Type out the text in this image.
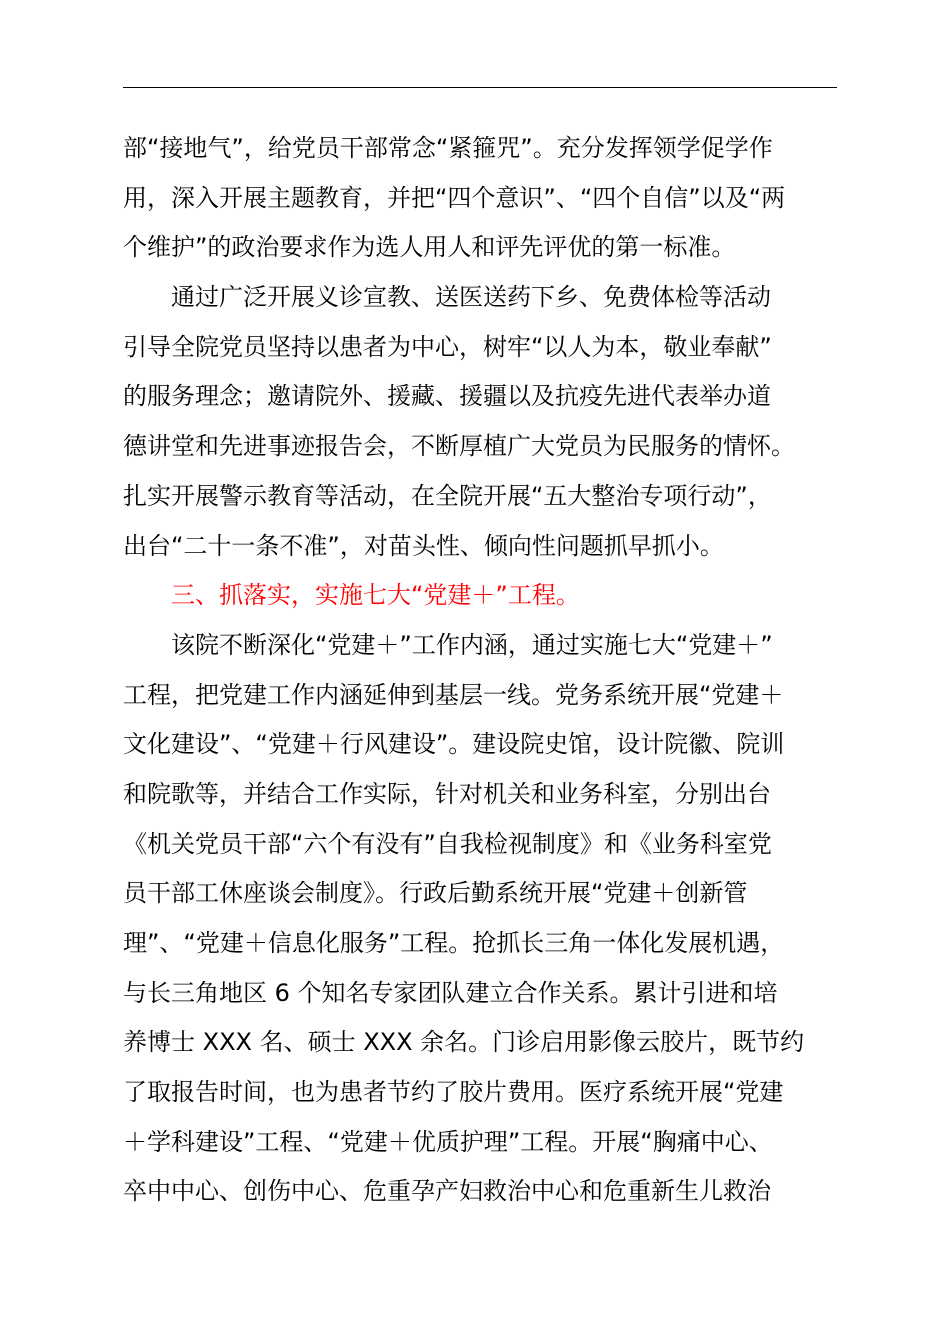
部“接地气”，给党员干部常念“紧箍咒”。充分发挥领学促学作
用，深入开展主题教育，并把“四个意识”、“四个自信”以及“两
个维护”的政治要求作为选人用人和评先评优的第一标准。
通过广泛开展义诊宣教、送医送药下乡、免费体检等活动
引导全院党员坚持以患者为中心，树牢“以人为本，敬业奉献”
的服务理念；邀请院外、援藏、援疆以及抗疫先进代表举办道
德讲堂和先进事迹报告会，不断厚植广大党员为民服务的情怀。
扎实开展警示教育等活动，在全院开展“五大整治专项行动”，
出台“二十一条不准”，对苗头性、倾向性问题抓早抓小。
三、抓落实，实施七大“党建＋”工程。
该院不断深化“党建＋”工作内涵，通过实施七大“党建＋”
工程，把党建工作内涵延伸到基层一线。党务系统开展“党建＋
文化建设”、“党建＋行风建设”。建设院史馆，设计院徽、院训
和院歌等，并结合工作实际，针对机关和业务科室，分别出台
《机关党员干部“六个有没有”自我检视制度》和《业务科室党
员干部工休座谈会制度》。行政后勤系统开展“党建＋创新管
理”、“党建＋信息化服务”工程。抢抓长三角一体化发展机遇，
与长三角地区 6 个知名专家团队建立合作关系。累计引进和培
养博士 XXX 名、硕士 XXX 余名。门诊启用影像云胶片，既节约
了取报告时间，也为患者节约了胶片费用。医疗系统开展“党建
＋学科建设”工程、“党建＋优质护理”工程。开展“胸痛中心、
卒中中心、创伤中心、危重孕产妇救治中心和危重新生儿救治
